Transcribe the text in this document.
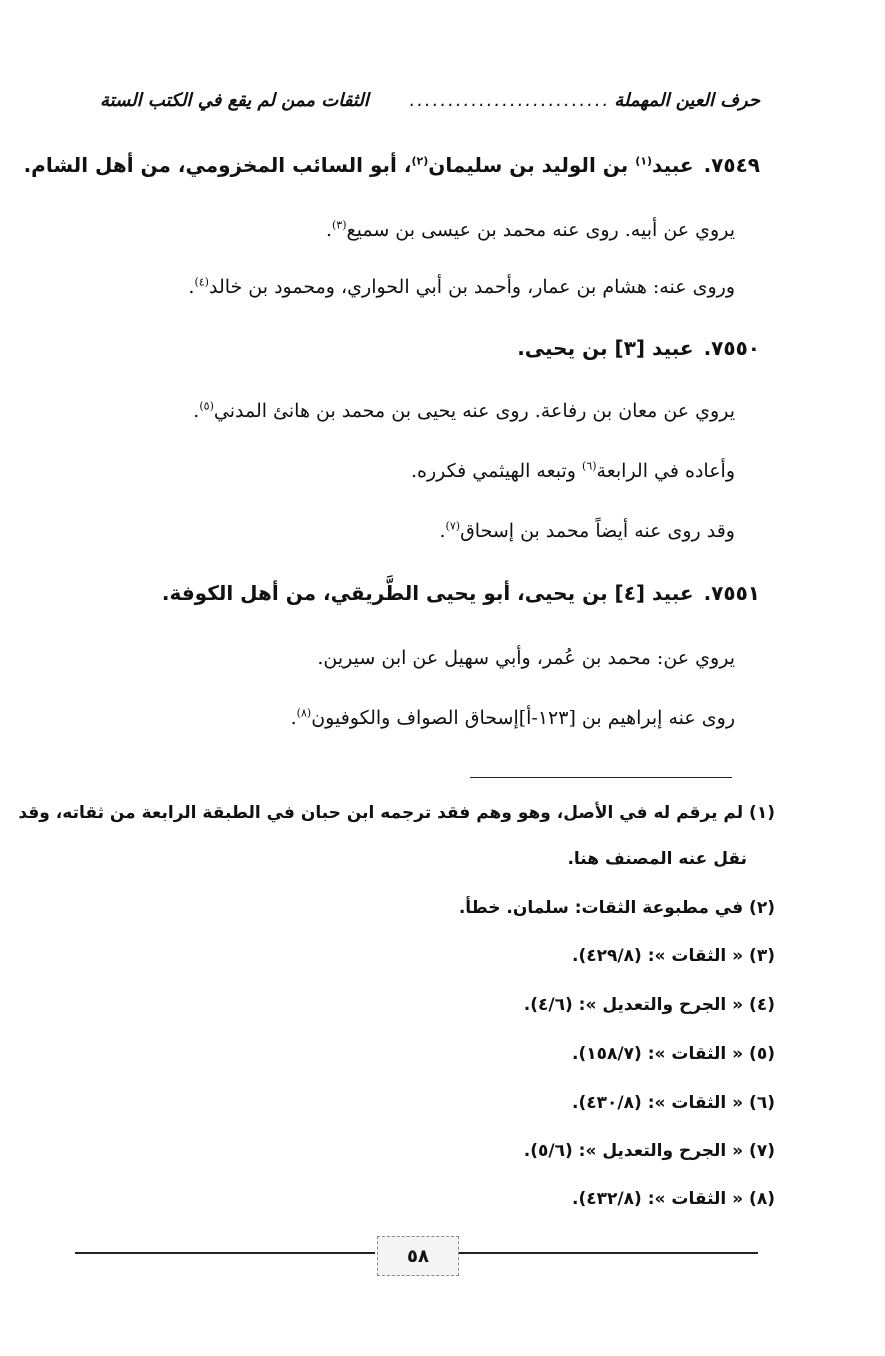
حرف العين المهملة
..........................
الثقات ممن لم يقع في الكتب الستة
٧٥٤٩.عبيد$^{(١)}$ بن الوليد بن سليمان$^{(٢)}$، أبو السائب المخزومي، من أهل الشام.
يروي عن أبيه. روى عنه محمد بن عيسى بن سميع$^{(٣)}$.
وروى عنه: هشام بن عمار، وأحمد بن أبي الحواري، ومحمود بن خالد$^{(٤)}$.
٧٥٥٠.عبيد [٣] بن يحيى.
يروي عن معان بن رفاعة. روى عنه يحيى بن محمد بن هانئ المدني$^{(٥)}$.
وأعاده في الرابعة$^{(٦)}$ وتبعه الهيثمي فكرره.
وقد روى عنه أيضاً محمد بن إسحاق$^{(٧)}$.
٧٥٥١.عبيد [٤] بن يحيى، أبو يحيى الطَّريقي، من أهل الكوفة.
يروي عن: محمد بن عُمر، وأبي سهيل عن ابن سيرين.
روى عنه إبراهيم بن [١٢٣-أ]إسحاق الصواف والكوفيون$^{(٨)}$.
(١) لم يرقم له في الأصل، وهو وهم فقد ترجمه ابن حبان في الطبقة الرابعة من ثقاته، وقد
نقل عنه المصنف هنا.
(٢) في مطبوعة الثقات: سلمان. خطأ.
(٣) « الثقات »: (٤٢٩/٨).
(٤) « الجرح والتعديل »: (٤/٦).
(٥) « الثقات »: (١٥٨/٧).
(٦) « الثقات »: (٤٣٠/٨).
(٧) « الجرح والتعديل »: (٥/٦).
(٨) « الثقات »: (٤٣٢/٨).
٥٨
